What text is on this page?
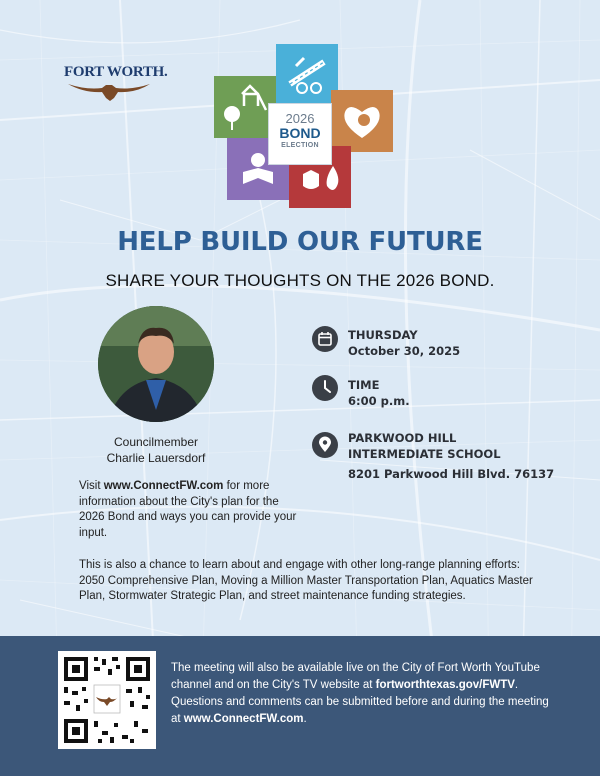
FORT WORTH.
2026
BOND
ELECTION
HELP BUILD OUR FUTURE
SHARE YOUR THOUGHTS ON THE 2026 BOND.
Councilmember
Charlie Lauersdorf
Visit www.ConnectFW.com for more information about the City's plan for the 2026 Bond and ways you can provide your input.
This is also a chance to learn about and engage with other long-range planning efforts: 2050 Comprehensive Plan, Moving a Million Master Transportation Plan, Aquatics Master Plan, Stormwater Strategic Plan, and street maintenance funding strategies.
THURSDAY
October 30, 2025
TIME
6:00 p.m.
PARKWOOD HILL
INTERMEDIATE SCHOOL
8201 Parkwood Hill Blvd. 76137
The meeting will also be available live on the City of Fort Worth YouTube channel and on the City's TV website at fortworthtexas.gov/FWTV. Questions and comments can be submitted before and during the meeting at www.ConnectFW.com.
